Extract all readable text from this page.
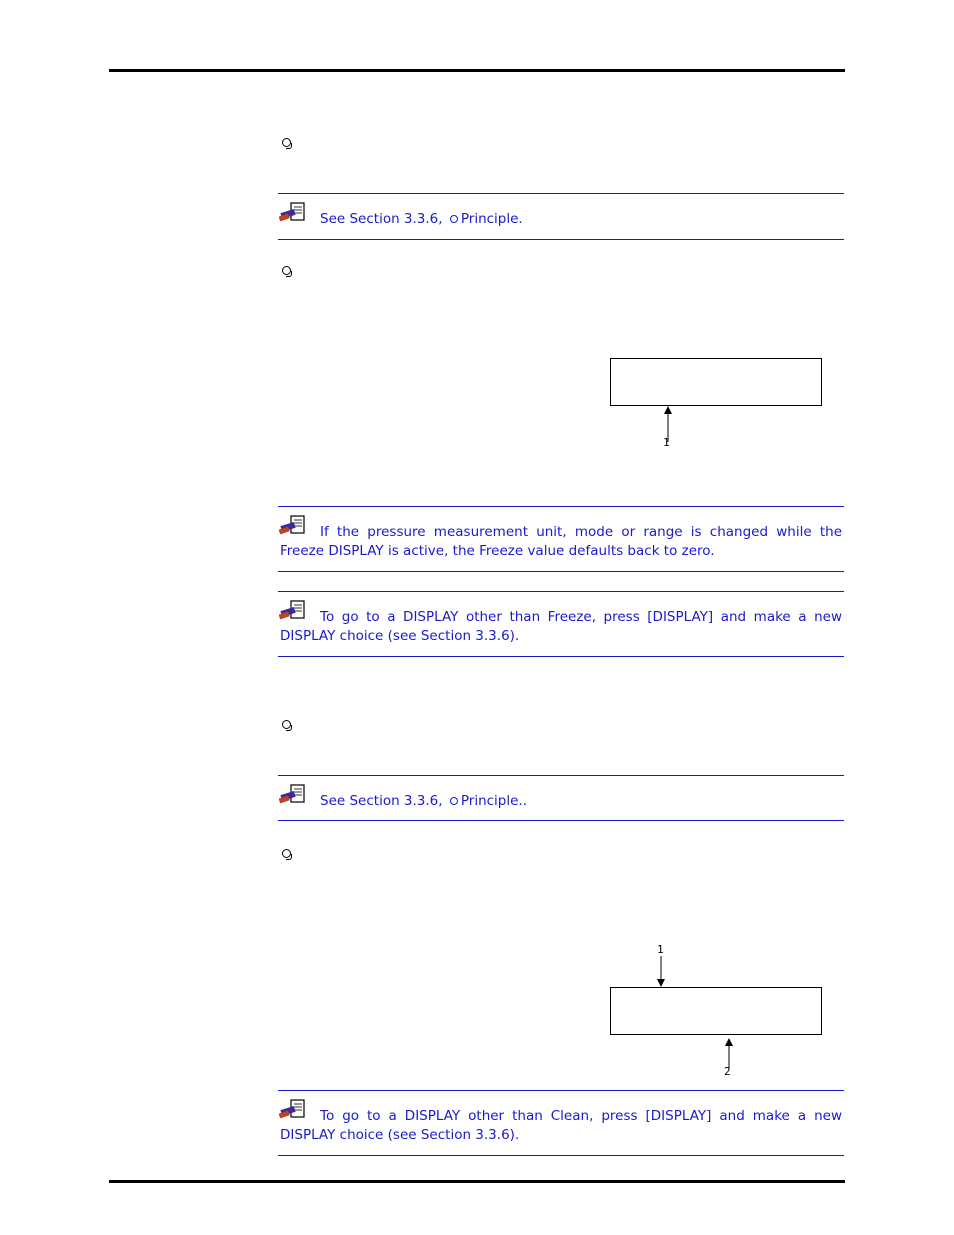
See Section 3.3.6, Principle.
1
If the pressure measurement unit, mode or range is changed while the Freeze DISPLAY is active, the Freeze value defaults back to zero.
To go to a DISPLAY other than Freeze, press [DISPLAY] and make a new DISPLAY choice (see Section 3.3.6).
See Section 3.3.6, Principle..
1
2
To go to a DISPLAY other than Clean, press [DISPLAY] and make a new DISPLAY choice (see Section 3.3.6).
